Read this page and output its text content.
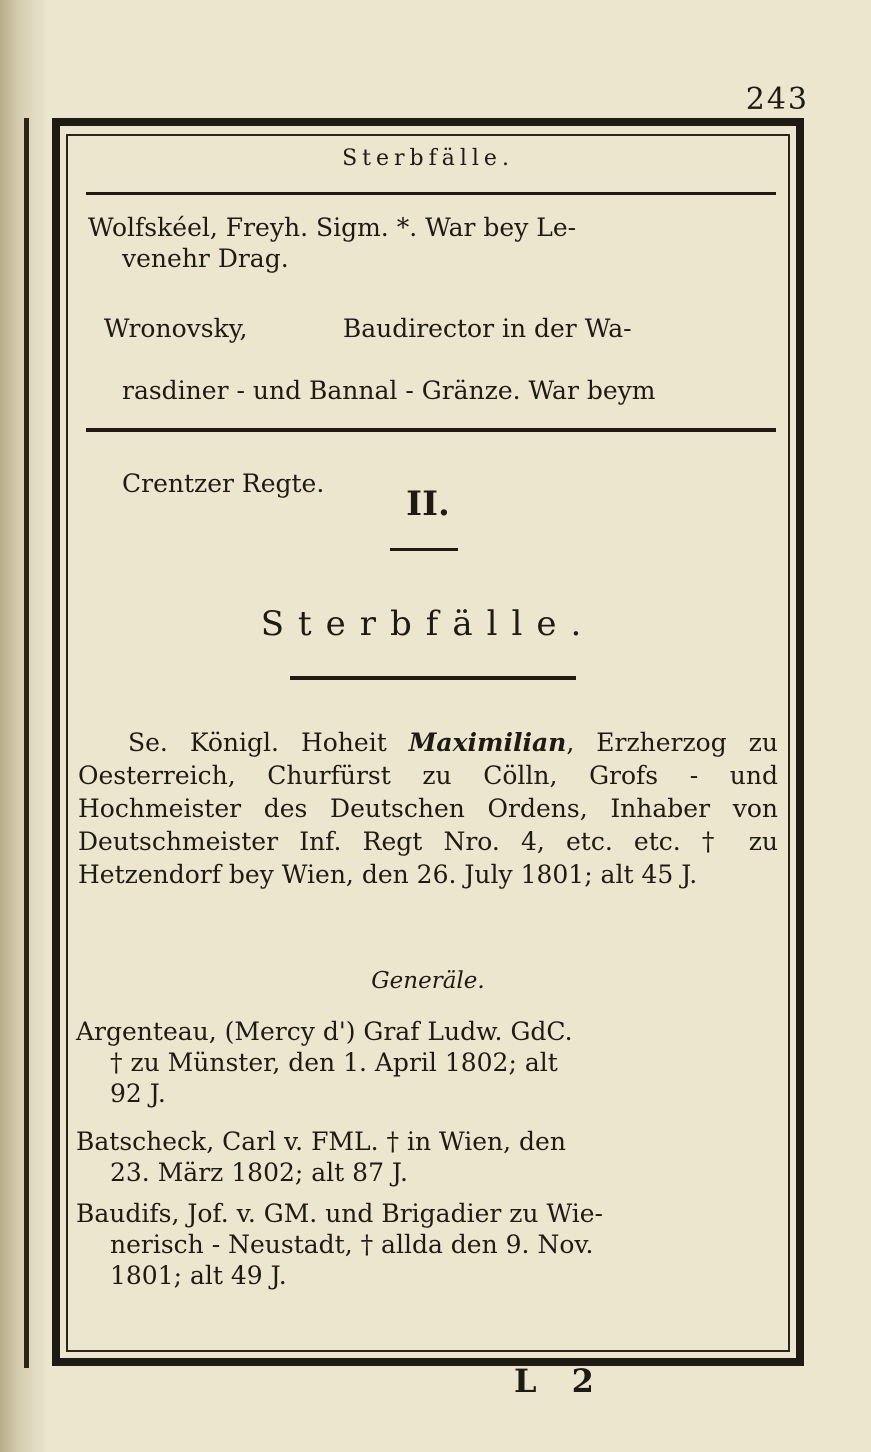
243
Sterbfälle.
Wolfskéel, Freyh. Sigm. *. War bey Le-
venehr Drag.

Wronovsky,            Baudirector in der Wa-

rasdiner - und Bannal - Gränze. War beym

Crentzer Regte.

II.
Sterbfälle.
Se. Königl. Hoheit Maximilian, Erzherzog zu Oesterreich, Churfürst zu Cölln, Grofs - und Hochmeister des Deutschen Ordens, Inhaber von Deutschmeister Inf. Regt Nro. 4, etc. etc. † zu Hetzendorf bey Wien, den 26. July 1801; alt 45 J.
Generäle.
Argenteau, (Mercy d') Graf Ludw. GdC.
† zu Münster, den 1. April 1802; alt
92 J.
Batscheck, Carl v. FML. † in Wien, den
23. März 1802; alt 87 J.
Baudifs, Jof. v. GM. und Brigadier zu Wie-
nerisch - Neustadt, † allda den 9. Nov.
1801; alt 49 J.
L 2
